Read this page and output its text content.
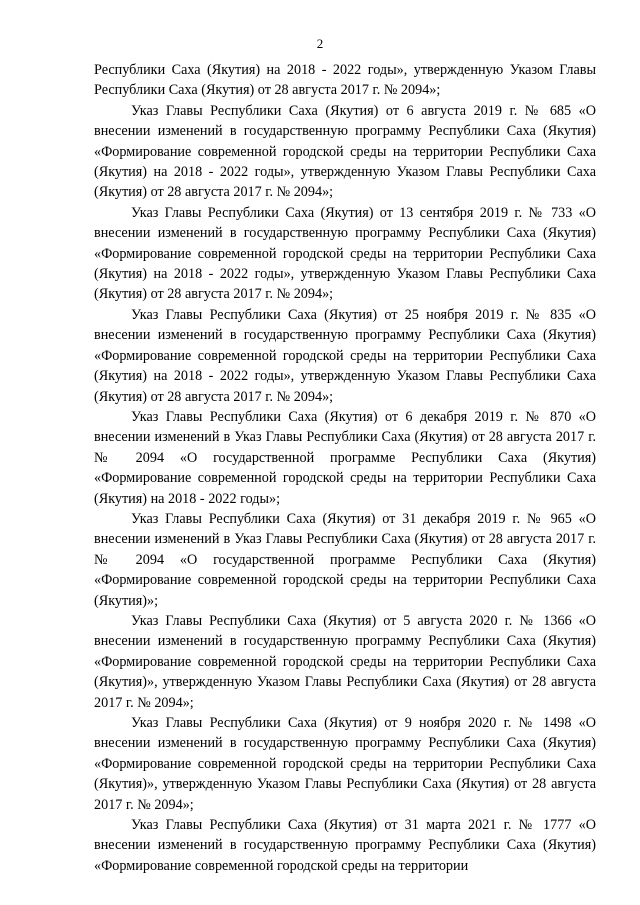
2

Республики Саха (Якутия) на 2018 - 2022 годы», утвержденную Указом Главы Республики Саха (Якутия) от 28 августа 2017 г. № 2094»;

Указ Главы Республики Саха (Якутия) от 6 августа 2019 г. № 685 «О внесении изменений в государственную программу Республики Саха (Якутия) «Формирование современной городской среды на территории Республики Саха (Якутия) на 2018 - 2022 годы», утвержденную Указом Главы Республики Саха (Якутия) от 28 августа 2017 г. № 2094»;

Указ Главы Республики Саха (Якутия) от 13 сентября 2019 г. № 733 «О внесении изменений в государственную программу Республики Саха (Якутия) «Формирование современной городской среды на территории Республики Саха (Якутия) на 2018 - 2022 годы», утвержденную Указом Главы Республики Саха (Якутия) от 28 августа 2017 г. № 2094»;

Указ Главы Республики Саха (Якутия) от 25 ноября 2019 г. № 835 «О внесении изменений в государственную программу Республики Саха (Якутия) «Формирование современной городской среды на территории Республики Саха (Якутия) на 2018 - 2022 годы», утвержденную Указом Главы Республики Саха (Якутия) от 28 августа 2017 г. № 2094»;

Указ Главы Республики Саха (Якутия) от 6 декабря 2019 г. № 870 «О внесении изменений в Указ Главы Республики Саха (Якутия) от 28 августа 2017 г. № 2094 «О государственной программе Республики Саха (Якутия) «Формирование современной городской среды на территории Республики Саха (Якутия) на 2018 - 2022 годы»;

Указ Главы Республики Саха (Якутия) от 31 декабря 2019 г. № 965 «О внесении изменений в Указ Главы Республики Саха (Якутия) от 28 августа 2017 г. № 2094 «О государственной программе Республики Саха (Якутия) «Формирование современной городской среды на территории Республики Саха (Якутия)»;

Указ Главы Республики Саха (Якутия) от 5 августа 2020 г. № 1366 «О внесении изменений в государственную программу Республики Саха (Якутия) «Формирование современной городской среды на территории Республики Саха (Якутия)», утвержденную Указом Главы Республики Саха (Якутия) от 28 августа 2017 г. № 2094»;

Указ Главы Республики Саха (Якутия) от 9 ноября 2020 г. № 1498 «О внесении изменений в государственную программу Республики Саха (Якутия) «Формирование современной городской среды на территории Республики Саха (Якутия)», утвержденную Указом Главы Республики Саха (Якутия) от 28 августа 2017 г. № 2094»;

Указ Главы Республики Саха (Якутия) от 31 марта 2021 г. № 1777 «О внесении изменений в государственную программу Республики Саха (Якутия) «Формирование современной городской среды на территории
